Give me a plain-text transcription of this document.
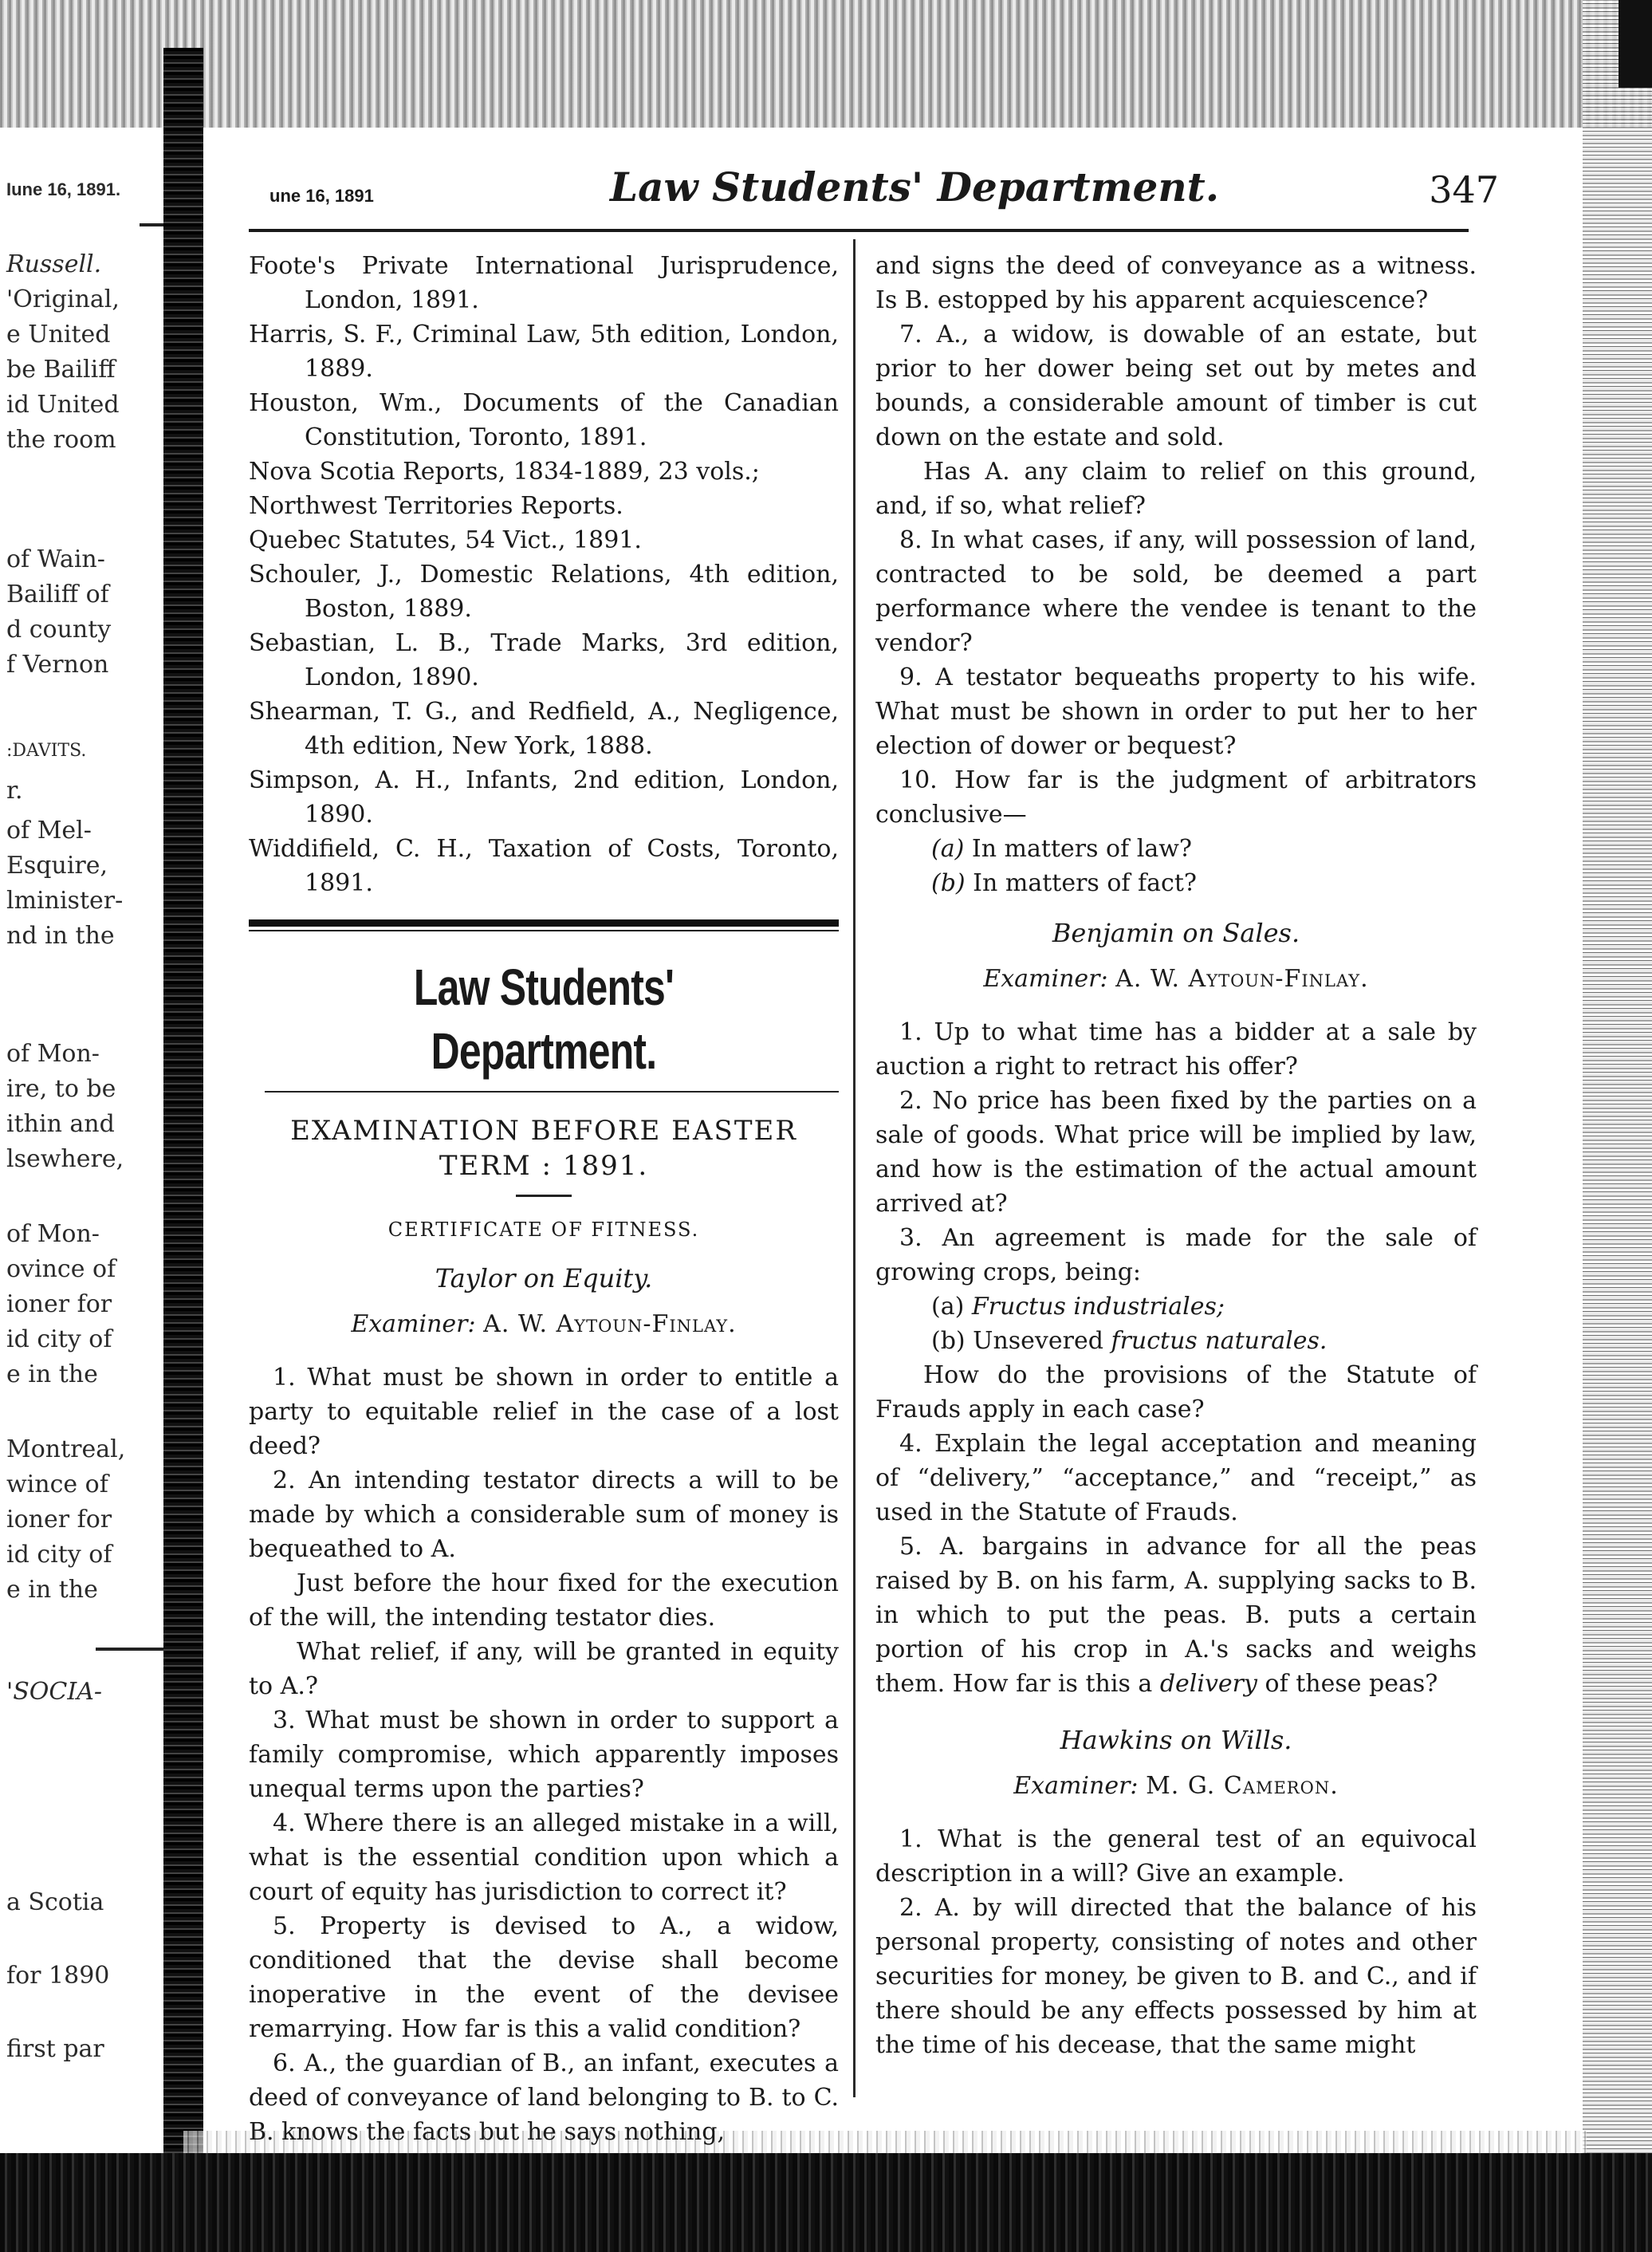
Iune 16, 1891.
Russell.
'Original,
e United
be Bailiff
id United
the room
of Wain-
Bailiff of
d county
f Vernon
:DAVITS.
r.
of Mel-
Esquire,
lminister-
nd in the
of Mon-
ire, to be
ithin and
lsewhere,
of Mon-
ovince of
ioner for
id city of
e in the
Montreal,
wince of
ioner for
id city of
e in the
'SOCIA-
a Scotia
for 1890
first par
une 16, 1891	Law Students' Department.	347

Foote's Private International Jurisprudence, London, 1891.

Harris, S. F., Criminal Law, 5th edition, London, 1889.

Houston, Wm., Documents of the Canadian Constitution, Toronto, 1891.

Nova Scotia Reports, 1834-1889, 23 vols.;

Northwest Territories Reports.

Quebec Statutes, 54 Vict., 1891.

Schouler, J., Domestic Relations, 4th edition, Boston, 1889.

Sebastian, L. B., Trade Marks, 3rd edition, London, 1890.

Shearman, T. G., and Redfield, A., Negligence, 4th edition, New York, 1888.

Simpson, A. H., Infants, 2nd edition, London, 1890.

Widdifield, C. H., Taxation of Costs, Toronto, 1891.

Law Students' Department.
EXAMINATION BEFORE EASTER TERM : 1891.
CERTIFICATE OF FITNESS.
Taylor on Equity.
Examiner: A. W. Aytoun-Finlay.

1. What must be shown in order to entitle a party to equitable relief in the case of a lost deed?

2. An intending testator directs a will to be made by which a considerable sum of money is bequeathed to A.

Just before the hour fixed for the execution of the will, the intending testator dies.

What relief, if any, will be granted in equity to A.?

3. What must be shown in order to support a family compromise, which apparently imposes unequal terms upon the parties?

4. Where there is an alleged mistake in a will, what is the essential condition upon which a court of equity has jurisdiction to correct it?

5. Property is devised to A., a widow, conditioned that the devise shall become inoperative in the event of the devisee remarrying. How far is this a valid condition?

6. A., the guardian of B., an infant, executes a deed of conveyance of land belonging to B. to C. B. knows the facts but he says nothing,

and signs the deed of conveyance as a witness. Is B. estopped by his apparent acquiescence?

7. A., a widow, is dowable of an estate, but prior to her dower being set out by metes and bounds, a considerable amount of timber is cut down on the estate and sold.

Has A. any claim to relief on this ground, and, if so, what relief?

8. In what cases, if any, will possession of land, contracted to be sold, be deemed a part performance where the vendee is tenant to the vendor?

9. A testator bequeaths property to his wife. What must be shown in order to put her to her election of dower or bequest?

10. How far is the judgment of arbitrators conclusive—

(a) In matters of law?

(b) In matters of fact?

Benjamin on Sales.
Examiner: A. W. Aytoun-Finlay.

1. Up to what time has a bidder at a sale by auction a right to retract his offer?

2. No price has been fixed by the parties on a sale of goods. What price will be implied by law, and how is the estimation of the actual amount arrived at?

3. An agreement is made for the sale of growing crops, being:

(a) Fructus industriales;

(b) Unsevered fructus naturales.

How do the provisions of the Statute of Frauds apply in each case?

4. Explain the legal acceptation and meaning of “delivery,” “acceptance,” and “receipt,” as used in the Statute of Frauds.

5. A. bargains in advance for all the peas raised by B. on his farm, A. supplying sacks to B. in which to put the peas. B. puts a certain portion of his crop in A.'s sacks and weighs them. How far is this a delivery of these peas?

Hawkins on Wills.
Examiner: M. G. Cameron.

1. What is the general test of an equivocal description in a will? Give an example.

2. A. by will directed that the balance of his personal property, consisting of notes and other securities for money, be given to B. and C., and if there should be any effects possessed by him at the time of his decease, that the same might
